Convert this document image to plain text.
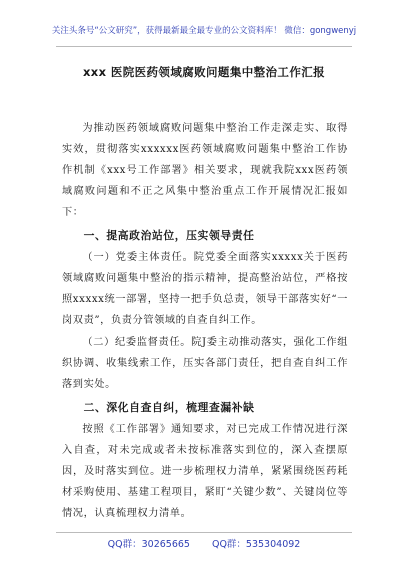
关注头条号“公文研究”，获得最新最全最专业的公文资料库！ 微信：gongwenyj
xxx 医院医药领域腐败问题集中整治工作汇报

为推动医药领域腐败问题集中整治工作走深走实、取得实效，贯彻落实xxxxxx医药领域腐败问题集中整治工作协作机制《xxx号工作部署》相关要求，现就我院xxx医药领域腐败问题和不正之风集中整治重点工作开展情况汇报如下：

一、提高政治站位，压实领导责任

（一）党委主体责任。院党委全面落实xxxxx关于医药领域腐败问题集中整治的指示精神，提高整治站位，严格按照xxxxx统一部署，坚持一把手负总责，领导干部落实好“一岗双责”，负责分管领域的自查自纠工作。

（二）纪委监督责任。院J委主动推动落实，强化工作组织协调、收集线索工作，压实各部门责任，把自查自纠工作落到实处。

二、深化自查自纠，梳理查漏补缺

按照《工作部署》通知要求，对已完成工作情况进行深入自查，对未完成或者未按标准落实到位的，深入查摆原因，及时落实到位。进一步梳理权力清单，紧紧围绕医药耗材采购使用、基建工程项目，紧盯“关键少数”、关键岗位等情况，认真梳理权力清单。

QQ群：30265665 QQ群：535304092
